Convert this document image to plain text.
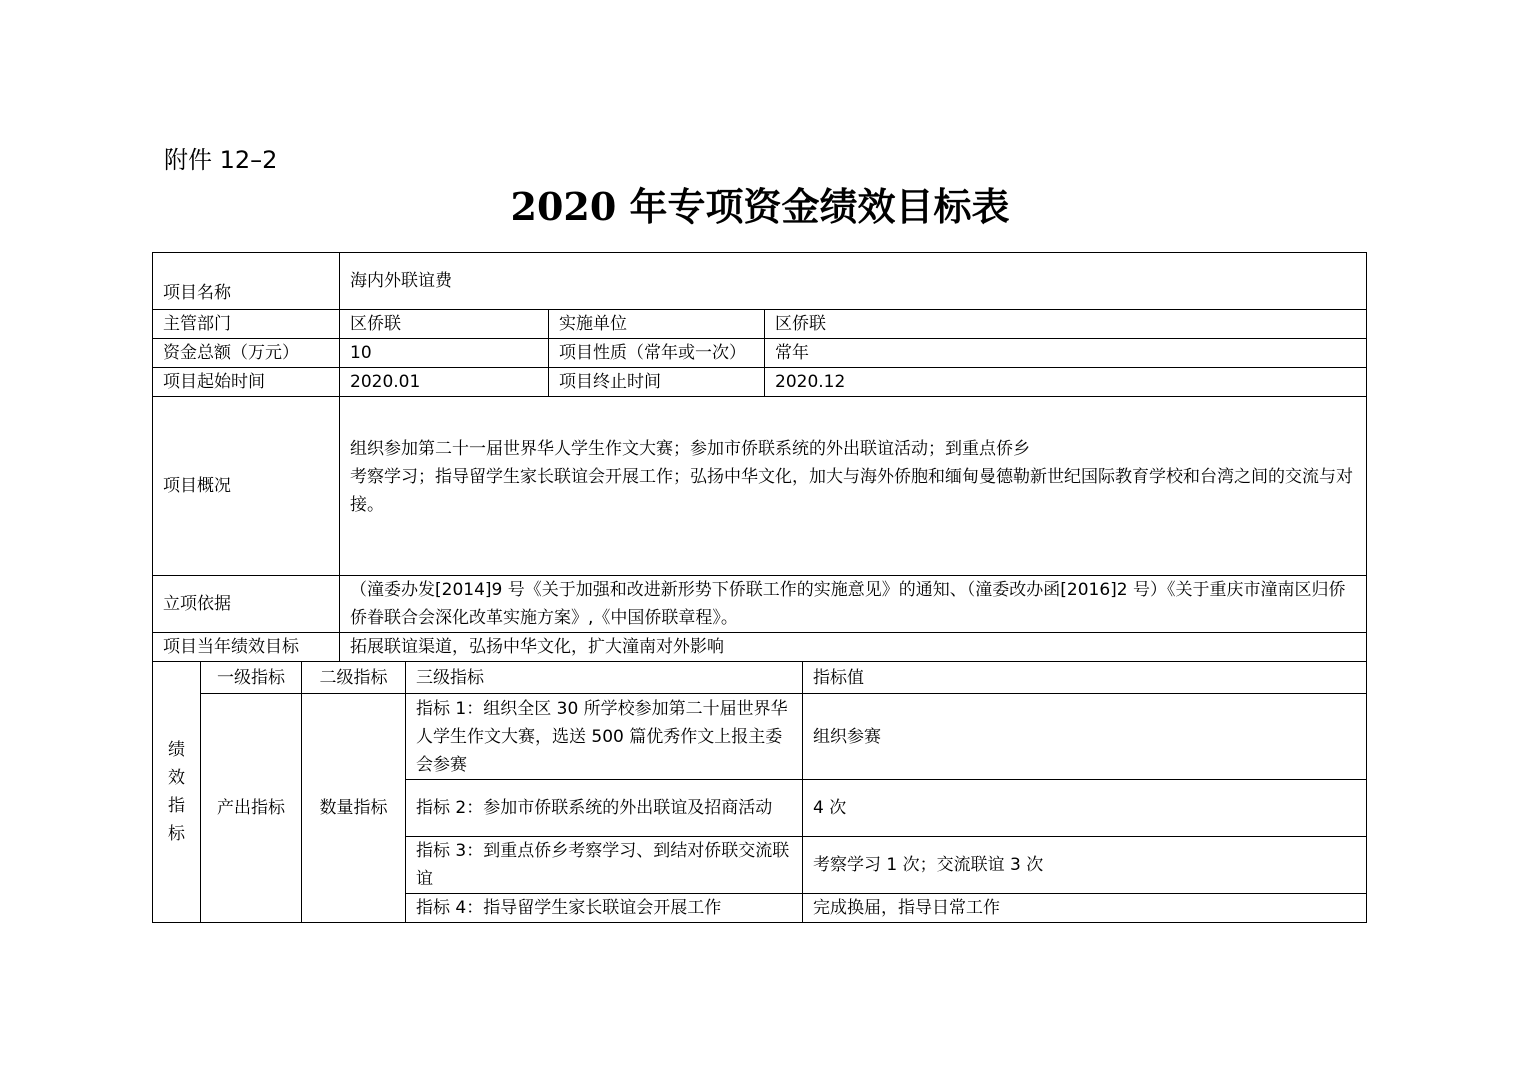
附件 12–2
2020 年专项资金绩效目标表
项目名称	海内外联谊费		
主管部门	区侨联	实施单位	区侨联
资金总额（万元）	10	项目性质（常年或一次）	常年
项目起始时间	2020.01	项目终止时间	2020.12
项目概况	组织参加第二十一届世界华人学生作文大赛；参加市侨联系统的外出联谊活动；到重点侨乡
考察学习；指导留学生家长联谊会开展工作；弘扬中华文化，加大与海外侨胞和缅甸曼德勒新世纪国际教育学校和台湾之间的交流与对接。		

立项依据	（潼委办发[2014]9 号《关于加强和改进新形势下侨联工作的实施意见》的通知、（潼委改办函[2016]2 号）《关于重庆市潼南区归侨侨眷联合会深化改革实施方案》,《中国侨联章程》。		
项目当年绩效目标	拓展联谊渠道，弘扬中华文化，扩大潼南对外影响		
绩
效
指
标	一级指标	二级指标	三级指标	指标值
	产出指标	数量指标	指标 1：组织全区 30 所学校参加第二十届世界华人学生作文大赛，选送 500 篇优秀作文上报主委会参赛	组织参赛
			指标 2：参加市侨联系统的外出联谊及招商活动	4 次
			指标 3：到重点侨乡考察学习、到结对侨联交流联谊	考察学习 1 次；交流联谊 3 次
			指标 4：指导留学生家长联谊会开展工作	完成换届，指导日常工作
